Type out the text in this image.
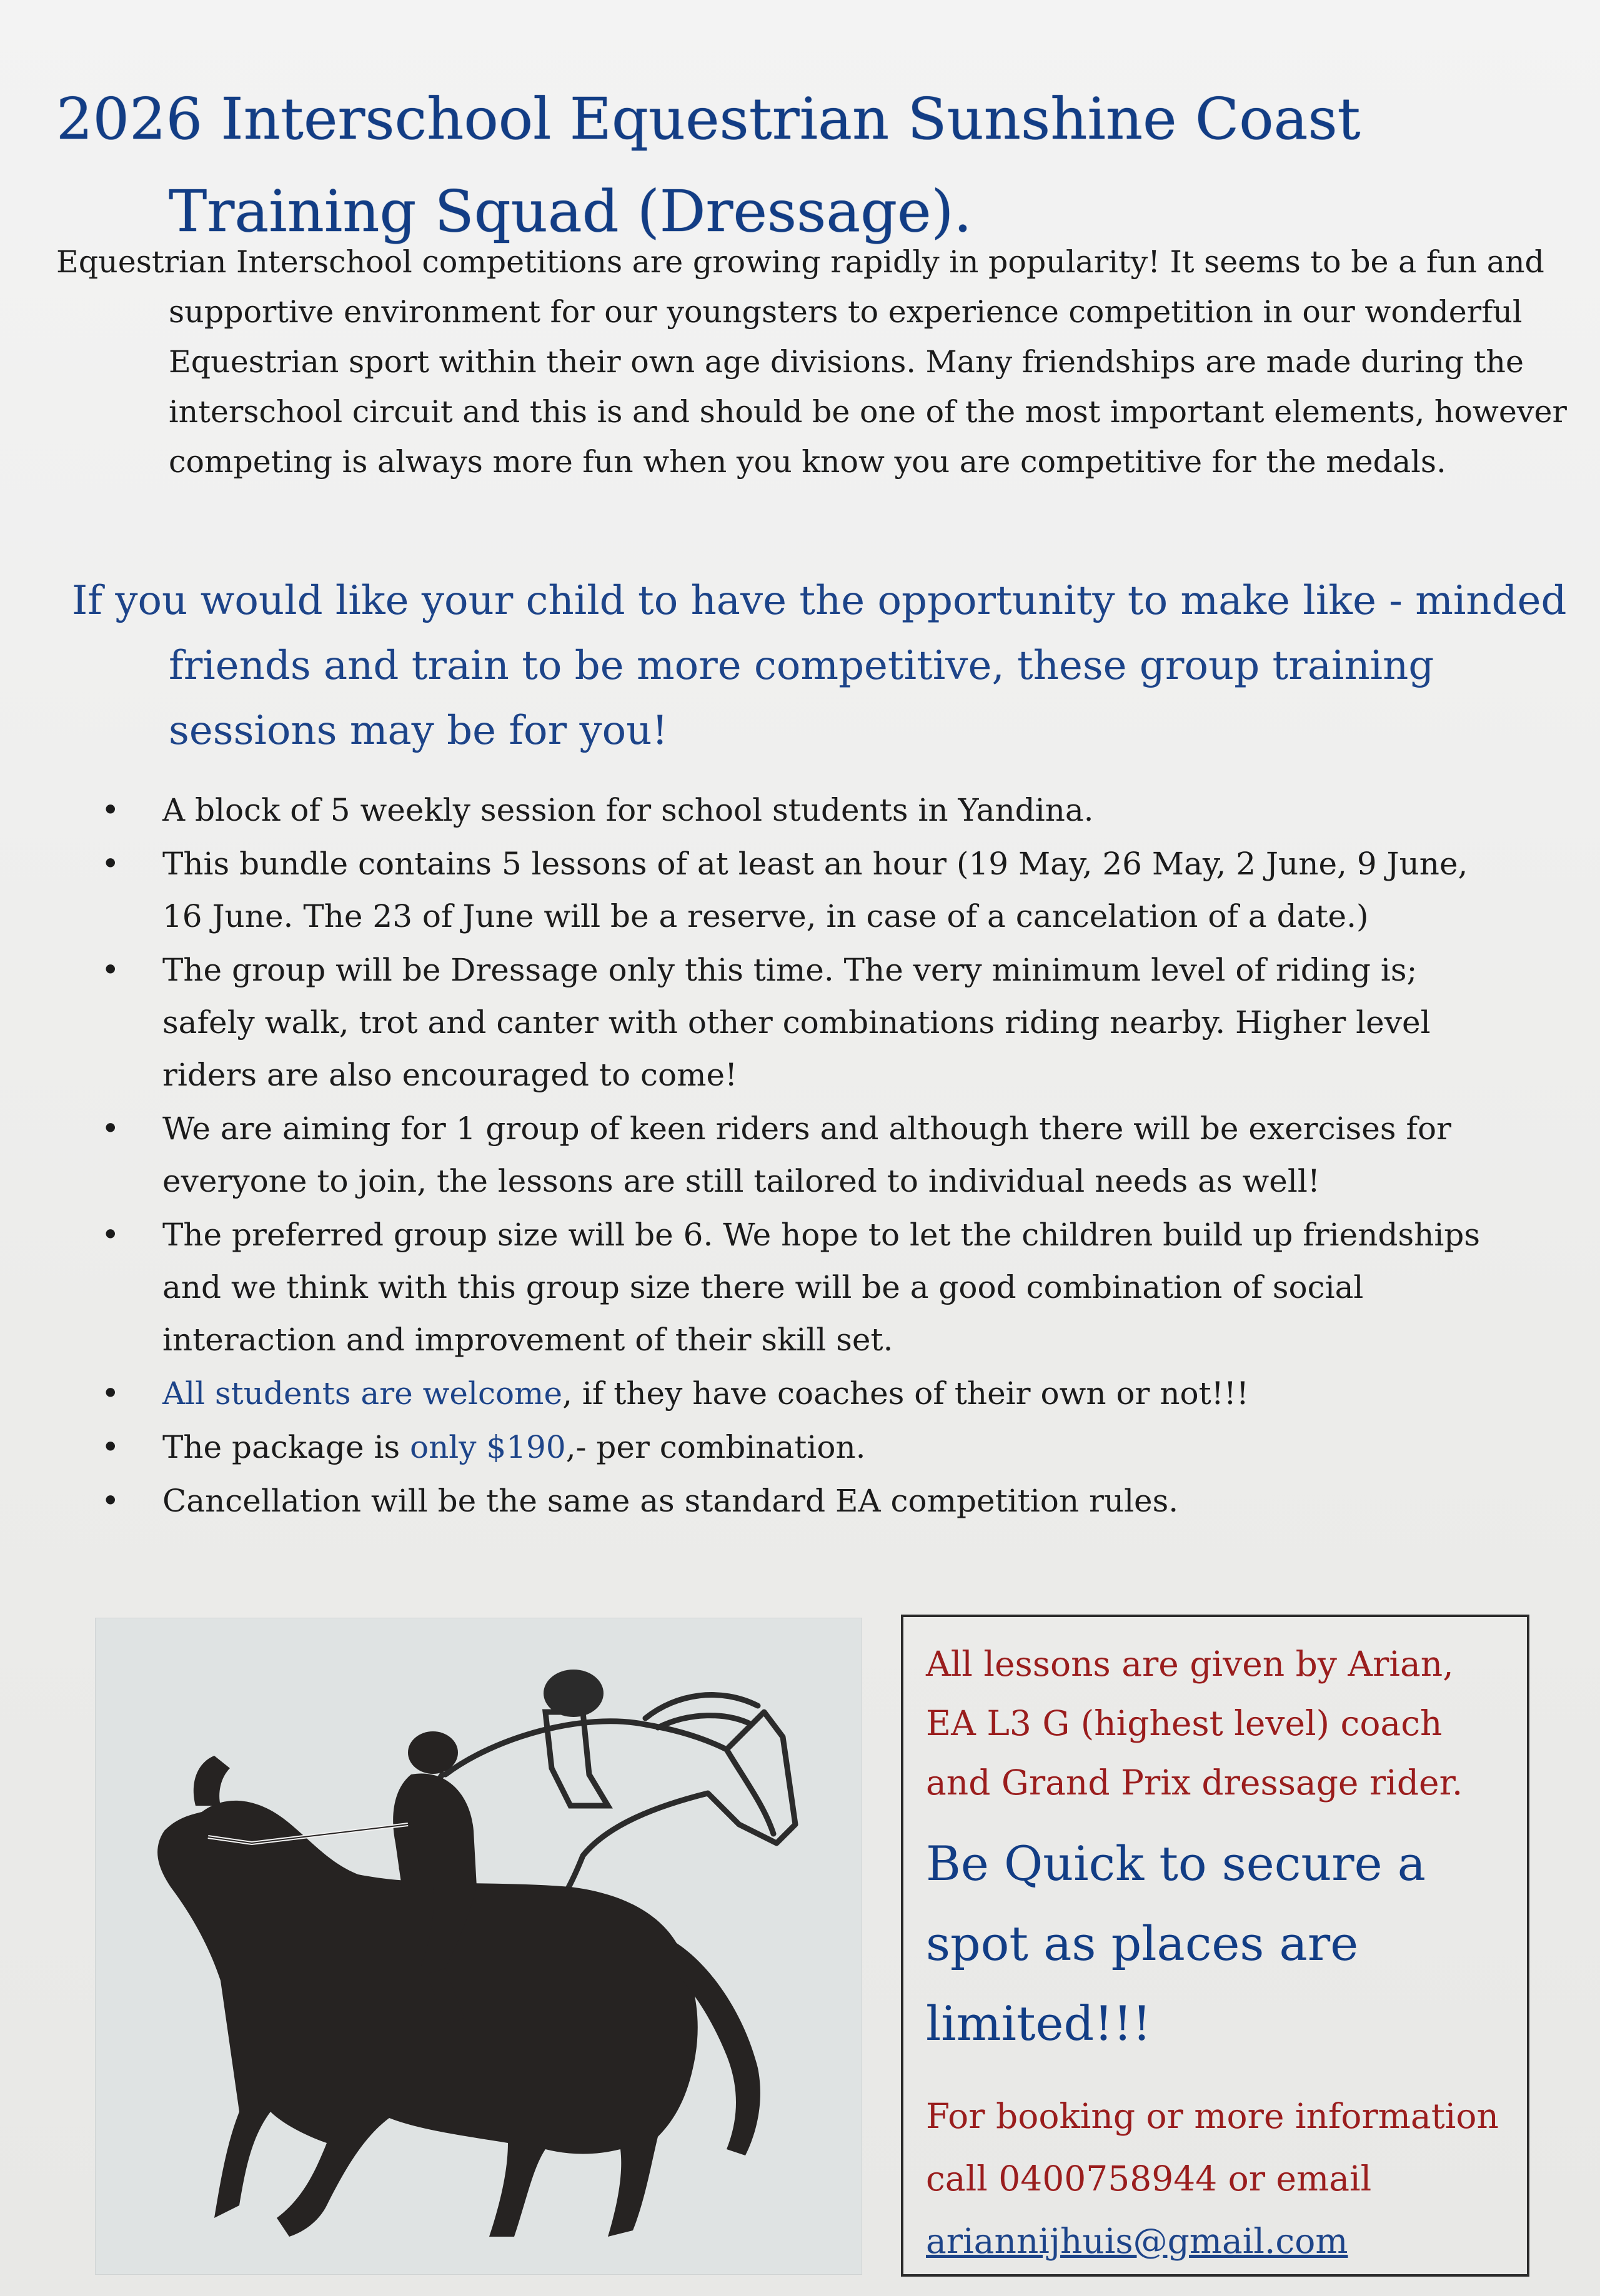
2026 Interschool Equestrian Sunshine Coast
Training Squad (Dressage).

Equestrian Interschool competitions are growing rapidly in popularity! It seems to be a fun and supportive environment for our youngsters to experience competition in our wonderful Equestrian sport within their own age divisions. Many friendships are made during the interschool circuit and this is and should be one of the most important elements, however competing is always more fun when you know you are competitive for the medals.

If you would like your child to have the opportunity to make like - minded friends and train to be more competitive, these group training sessions may be for you!

• A block of 5 weekly session for school students in Yandina.
• This bundle contains 5 lessons of at least an hour (19 May, 26 May, 2 June, 9 June, 16 June. The 23 of June will be a reserve, in case of a cancelation of a date.)
• The group will be Dressage only this time. The very minimum level of riding is; safely walk, trot and canter with other combinations riding nearby. Higher level riders are also encouraged to come!
• We are aiming for 1 group of keen riders and although there will be exercises for everyone to join, the lessons are still tailored to individual needs as well!
• The preferred group size will be 6. We hope to let the children build up friendships and we think with this group size there will be a good combination of social interaction and improvement of their skill set.
• All students are welcome, if they have coaches of their own or not!!!
• The package is only $190,- per combination.
• Cancellation will be the same as standard EA competition rules.

All lessons are given by Arian, EA L3 G (highest level) coach and Grand Prix dressage rider.

Be Quick to secure a spot as places are limited!!!

For booking or more information call 0400758944 or email ariannijhuis@gmail.com
